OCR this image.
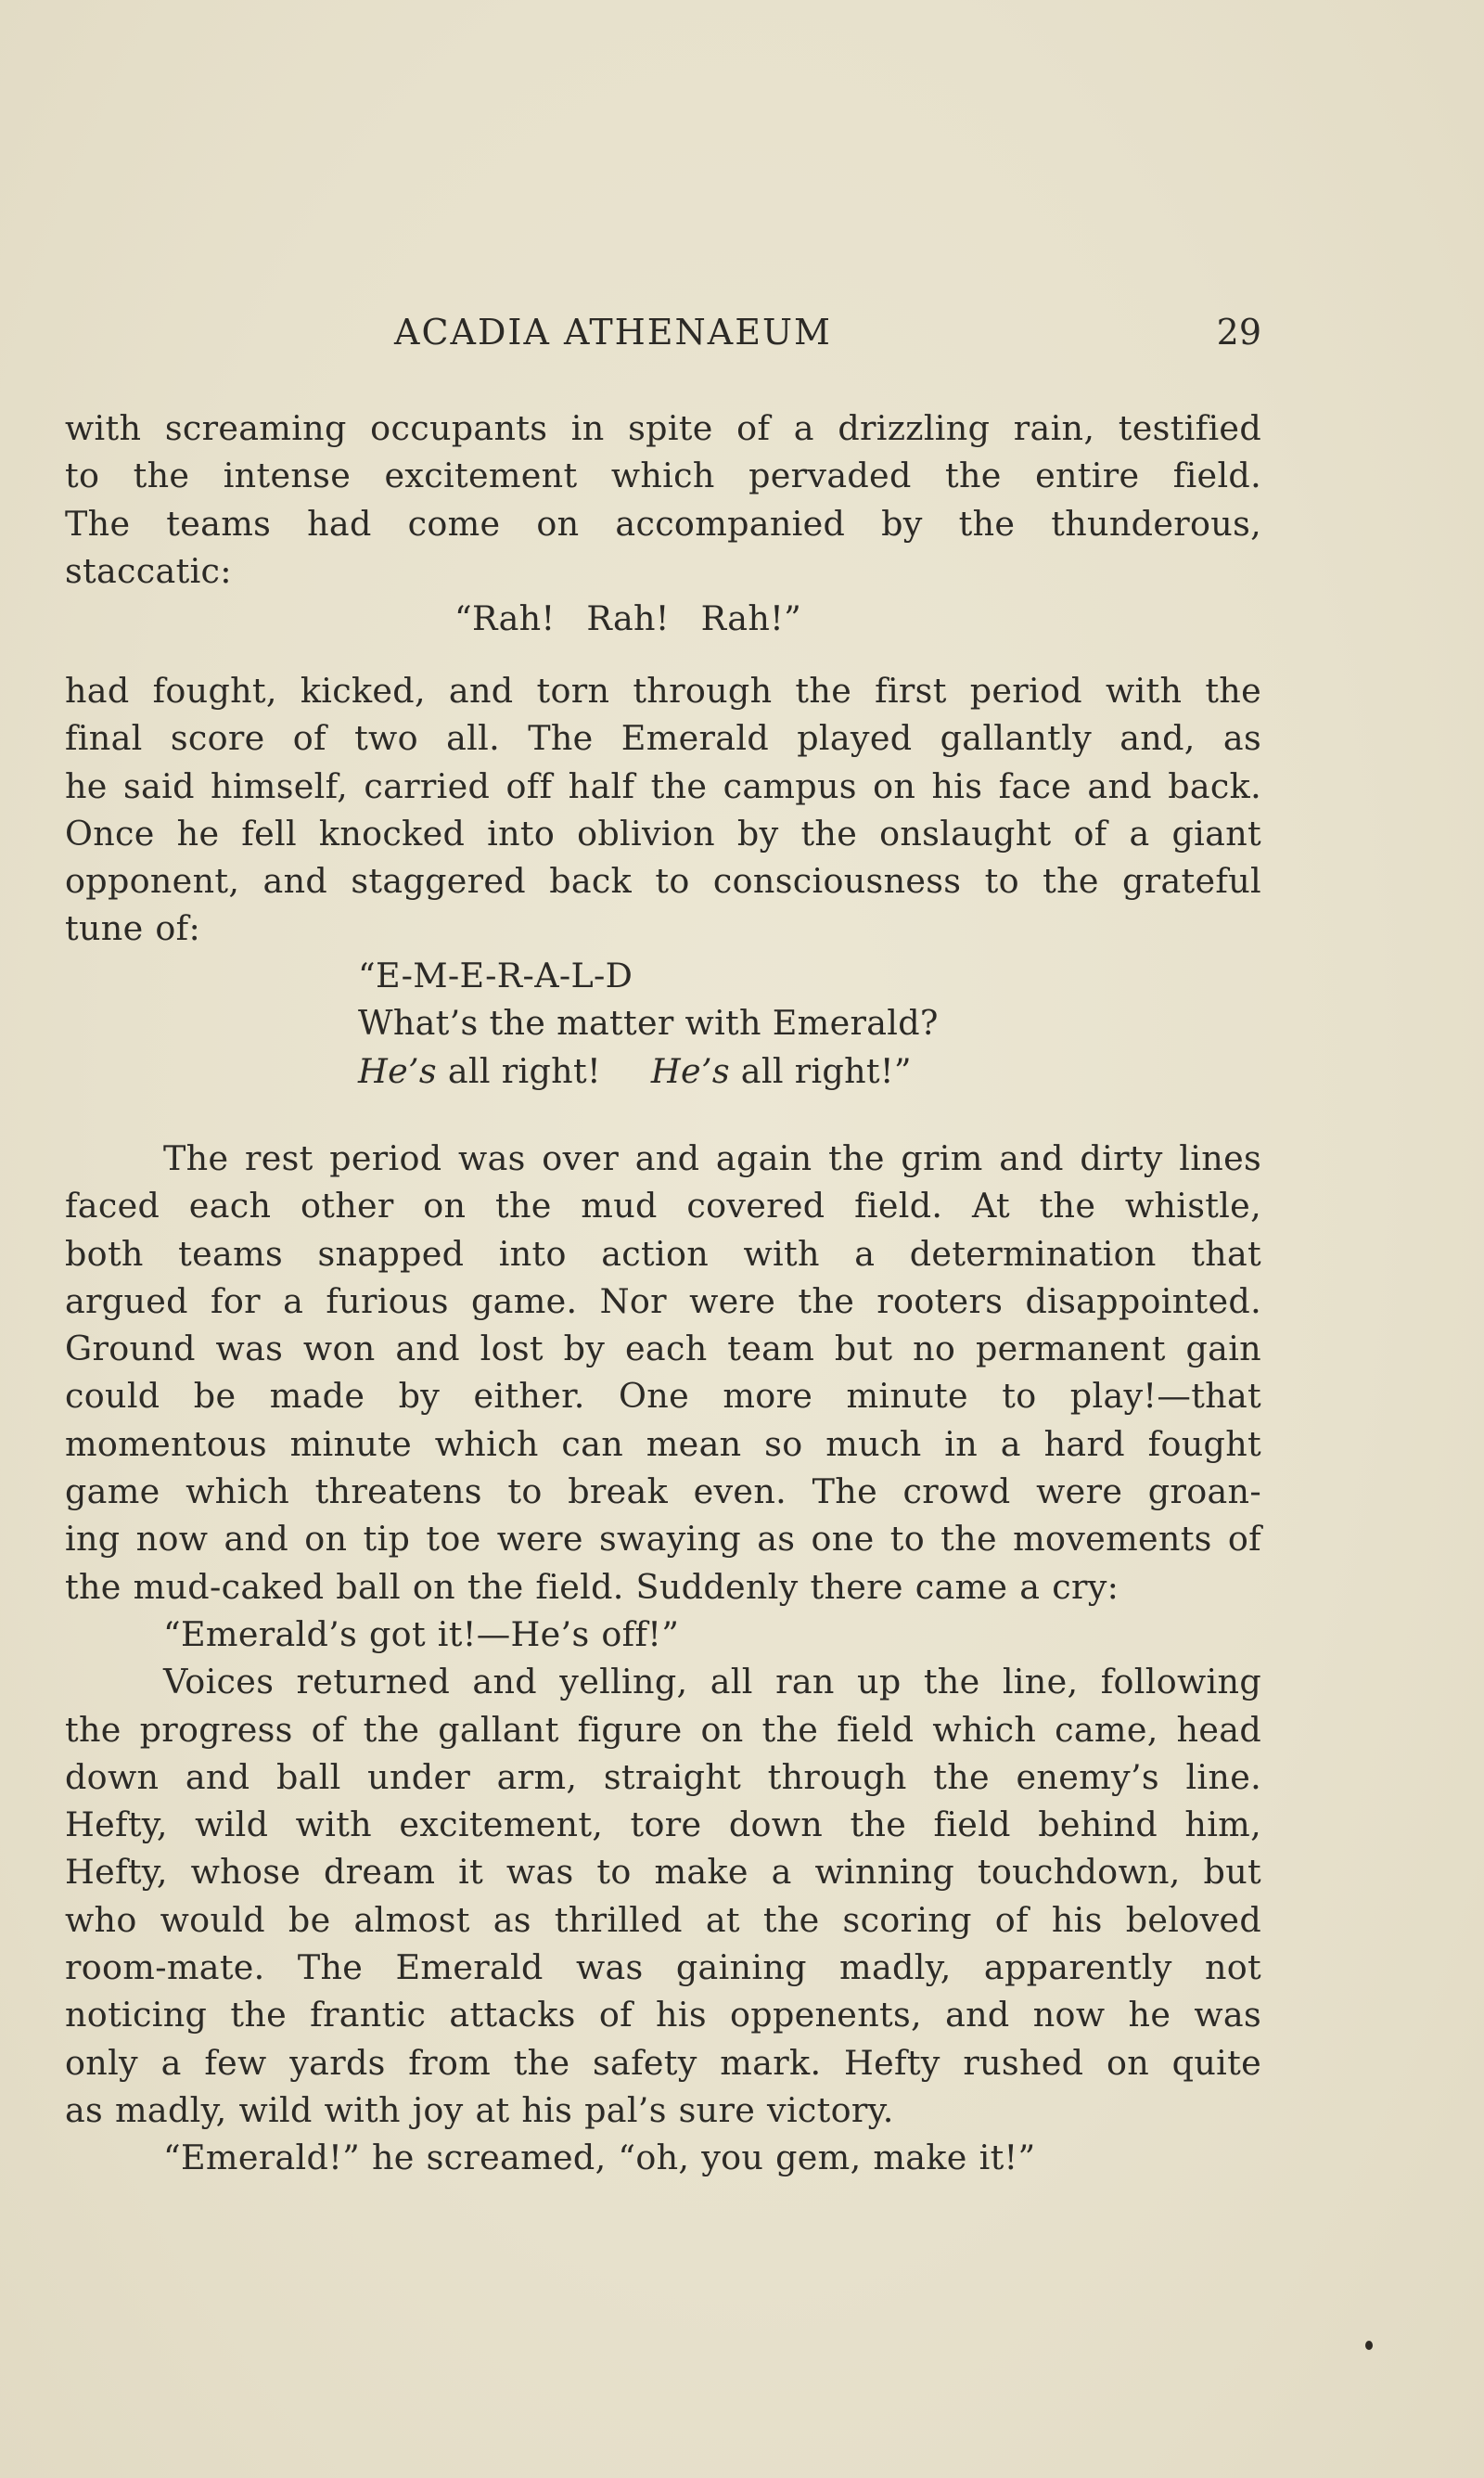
ACADIA ATHENAEUM	29

with screaming occupants in spite of a drizzling rain, testified

to the intense excitement which pervaded the entire field.

The teams had come on accompanied by the thunderous,

staccatic:

“Rah! Rah! Rah!”

had fought, kicked, and torn through the first period with the

final score of two all. The Emerald played gallantly and, as

he said himself, carried off half the campus on his face and back.

Once he fell knocked into oblivion by the onslaught of a giant

opponent, and staggered back to consciousness to the grateful

tune of:

“E-M-E-R-A-L-D
What’s the matter with Emerald?
He’s all right! He’s all right!”

The rest period was over and again the grim and dirty lines

faced each other on the mud covered field. At the whistle,

both teams snapped into action with a determination that

argued for a furious game. Nor were the rooters disappointed.

Ground was won and lost by each team but no permanent gain

could be made by either. One more minute to play!—that

momentous minute which can mean so much in a hard fought

game which threatens to break even. The crowd were groan-

ing now and on tip toe were swaying as one to the movements of

the mud-caked ball on the field. Suddenly there came a cry:

“Emerald’s got it!—He’s off!”

Voices returned and yelling, all ran up the line, following

the progress of the gallant figure on the field which came, head

down and ball under arm, straight through the enemy’s line.

Hefty, wild with excitement, tore down the field behind him,

Hefty, whose dream it was to make a winning touchdown, but

who would be almost as thrilled at the scoring of his beloved

room-mate. The Emerald was gaining madly, apparently not

noticing the frantic attacks of his oppenents, and now he was

only a few yards from the safety mark. Hefty rushed on quite

as madly, wild with joy at his pal’s sure victory.

“Emerald!” he screamed, “oh, you gem, make it!”
